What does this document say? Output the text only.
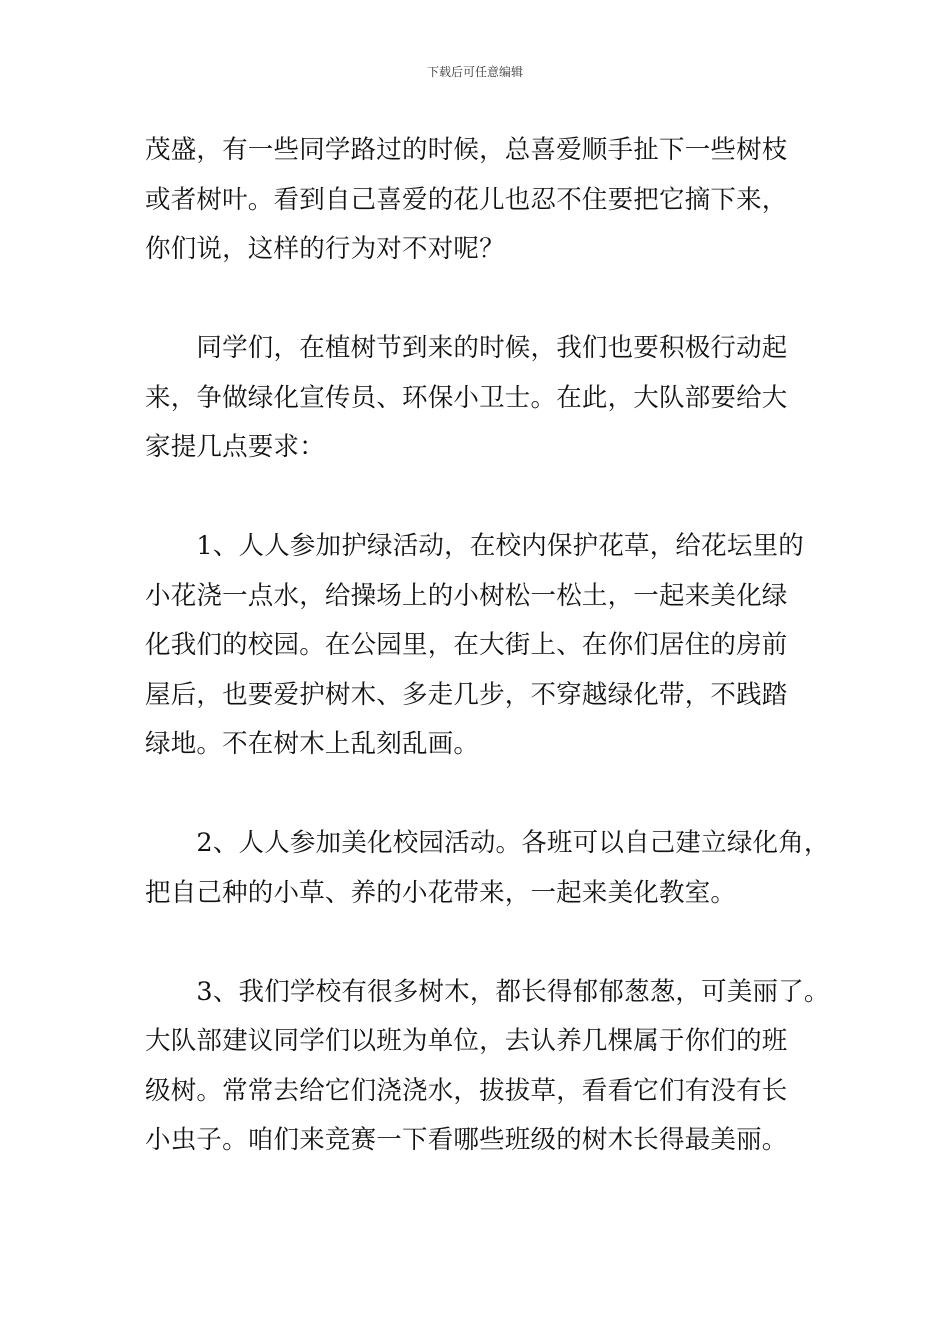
下载后可任意编辑
茂盛，有一些同学路过的时候，总喜爱顺手扯下一些树枝
或者树叶。看到自己喜爱的花儿也忍不住要把它摘下来，
你们说，这样的行为对不对呢？
　　同学们，在植树节到来的时候，我们也要积极行动起
来，争做绿化宣传员、环保小卫士。在此，大队部要给大
家提几点要求：
　　1、人人参加护绿活动，在校内保护花草，给花坛里的
小花浇一点水，给操场上的小树松一松土，一起来美化绿
化我们的校园。在公园里，在大街上、在你们居住的房前
屋后，也要爱护树木、多走几步，不穿越绿化带，不践踏
绿地。不在树木上乱刻乱画。
　　2、人人参加美化校园活动。各班可以自己建立绿化角，
把自己种的小草、养的小花带来，一起来美化教室。
　　3、我们学校有很多树木，都长得郁郁葱葱，可美丽了。
大队部建议同学们以班为单位，去认养几棵属于你们的班
级树。常常去给它们浇浇水，拔拔草，看看它们有没有长
小虫子。咱们来竞赛一下看哪些班级的树木长得最美丽。
